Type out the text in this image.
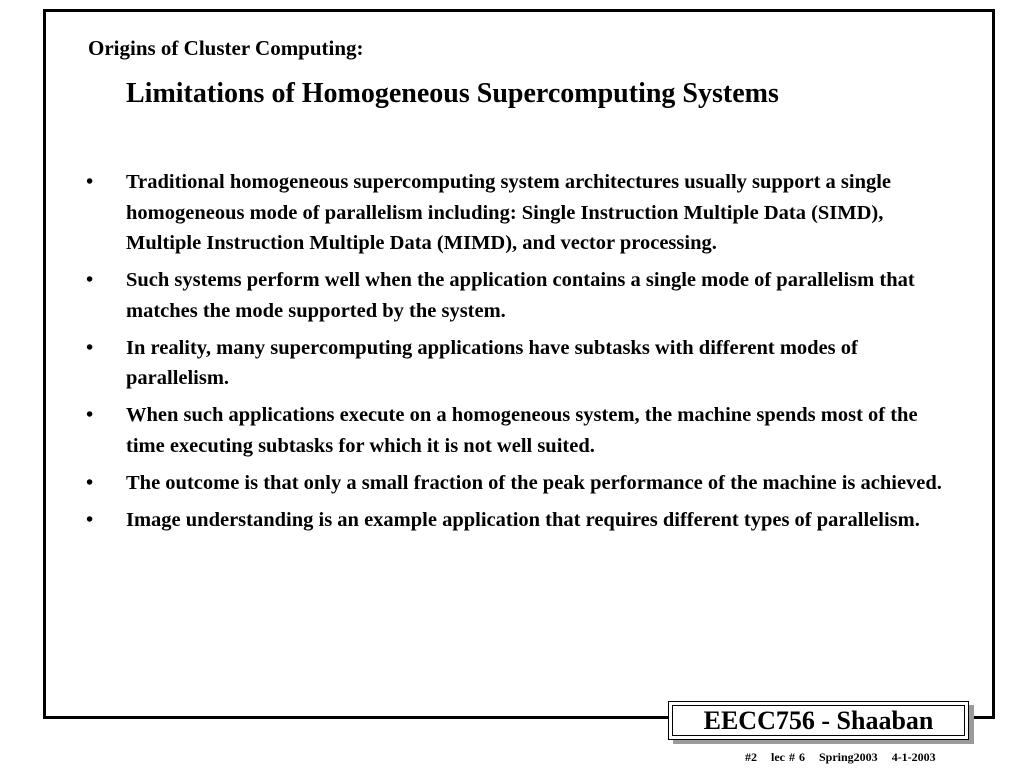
Origins of Cluster Computing:
Limitations of Homogeneous Supercomputing Systems
•	Traditional homogeneous supercomputing system architectures usually support a single homogeneous mode of parallelism including: Single Instruction Multiple Data (SIMD), Multiple Instruction Multiple Data (MIMD), and vector processing.
•	Such systems perform well when the application contains a single mode of parallelism that matches the mode supported by the system.
•	In reality, many supercomputing applications have subtasks with different modes of parallelism.
•	When such applications execute on a homogeneous system, the machine spends most of the time executing subtasks for which it is not well suited.
•	The outcome is that only a small fraction of the peak performance of the machine is achieved.
•	Image understanding is an example application that requires different types of parallelism.
EECC756 - Shaaban
#2 lec # 6 Spring2003 4-1-2003
